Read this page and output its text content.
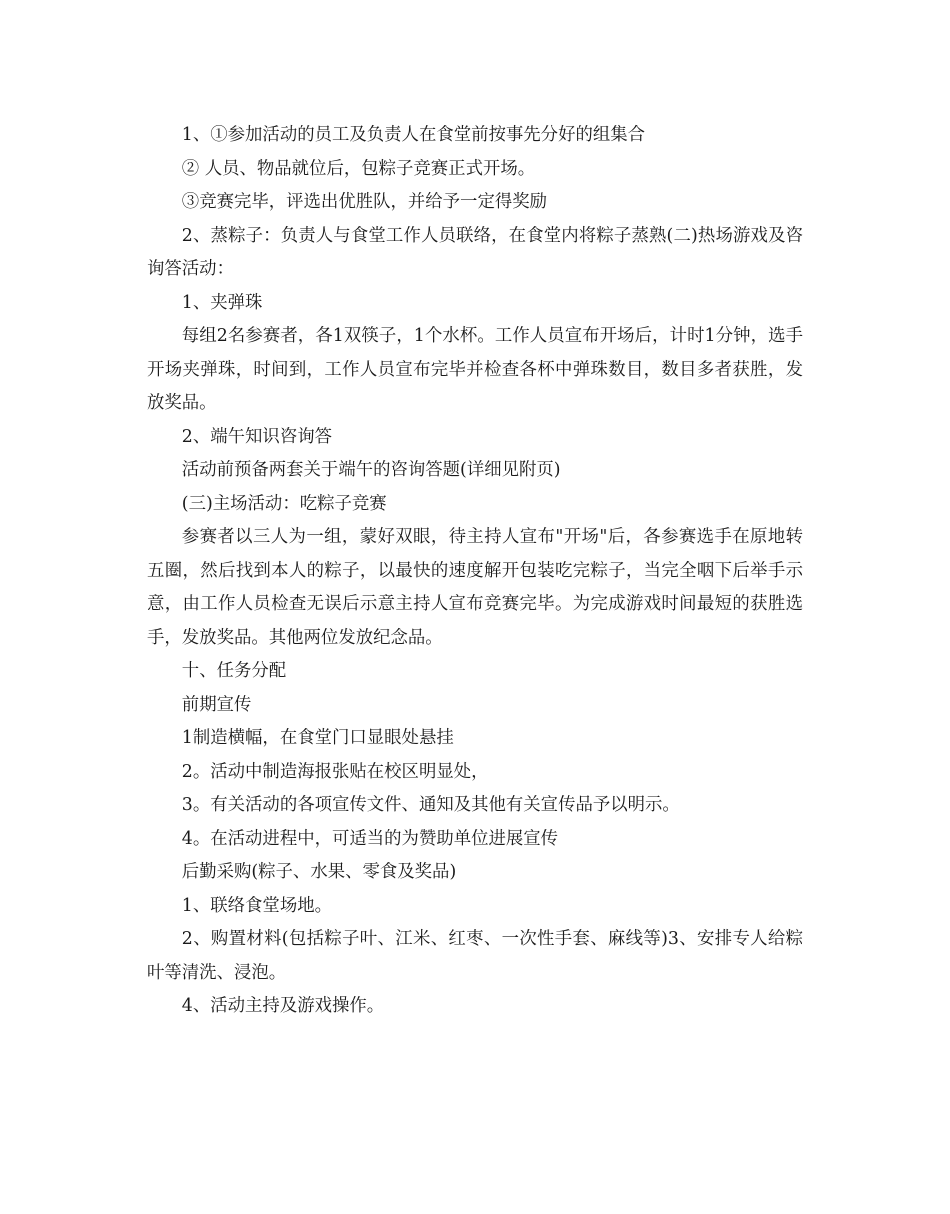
1、①参加活动的员工及负责人在食堂前按事先分好的组集合

② 人员、物品就位后，包粽子竞赛正式开场。

③竞赛完毕，评选出优胜队，并给予一定得奖励

2、蒸粽子：负责人与食堂工作人员联络，在食堂内将粽子蒸熟(二)热场游戏及咨询答活动：

1、夹弹珠

每组2名参赛者，各1双筷子，1个水杯。工作人员宣布开场后，计时1分钟，选手开场夹弹珠，时间到，工作人员宣布完毕并检查各杯中弹珠数目，数目多者获胜，发放奖品。

2、端午知识咨询答

活动前预备两套关于端午的咨询答题(详细见附页)

(三)主场活动：吃粽子竞赛

参赛者以三人为一组，蒙好双眼，待主持人宣布"开场"后，各参赛选手在原地转五圈，然后找到本人的粽子，以最快的速度解开包装吃完粽子，当完全咽下后举手示 意，由工作人员检查无误后示意主持人宣布竞赛完毕。为完成游戏时间最短的获胜选手，发放奖品。其他两位发放纪念品。

十、任务分配

前期宣传

1制造横幅，在食堂门口显眼处悬挂

2。活动中制造海报张贴在校区明显处，

3。有关活动的各项宣传文件、通知及其他有关宣传品予以明示。

4。在活动进程中，可适当的为赞助单位进展宣传

后勤采购(粽子、水果、零食及奖品)

1、联络食堂场地。

2、购置材料(包括粽子叶、江米、红枣、一次性手套、麻线等)3、安排专人给粽叶等清洗、浸泡。

4、活动主持及游戏操作。
